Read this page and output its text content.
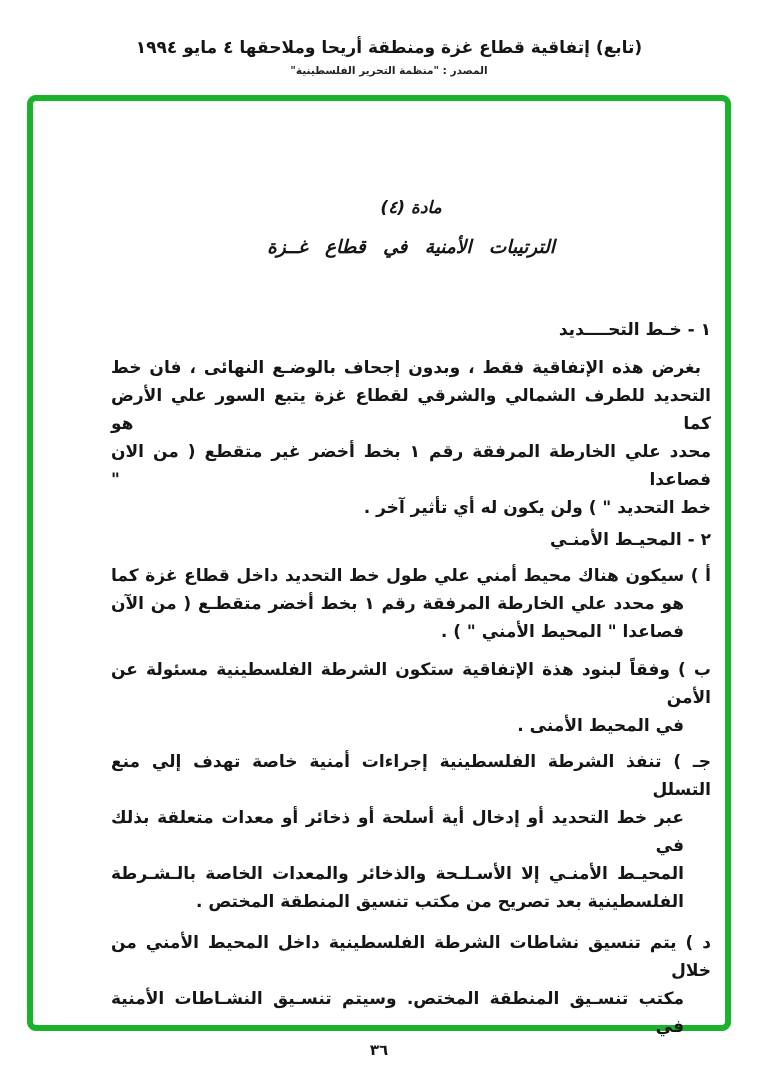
(تابع) إتفاقية قطاع غزة ومنطقة أريحا وملاحقها ٤ مايو ١٩٩٤
المصدر : "منظمة التحرير الفلسطينية"
مادة (٤)
الترتيبات الأمنية في قطاع غــزة
١ - خـط التحــــديد
بغرض هذه الإتفاقية فقط ، وبدون إجحاف بالوضـع النهائى ، فان خط
التحديد للطرف الشمالي والشرقي لقطاع غزة يتبع السور علي الأرض كما هو
محدد علي الخارطة المرفقة رقم ١ بخط أخضر غير متقطع ( من الان فصاعدا "
خط التحديد " ) ولن يكون له أي تأثير آخر .
٢ - المحيـط الأمنـي
أ ) سيكون هناك محيط أمني علي طول خط التحديد داخل قطاع غزة كما
هو محدد علي الخارطة المرفقة رقم ١ بخط أخضر متقطـع ( من الآن
فصاعدا " المحيط الأمني " ) .
ب ) وفقاً لبنود هذة الإتفاقية ستكون الشرطة الفلسطينية مسئولة عن الأمن
في المحيط الأمنى .
جـ ) تنفذ الشرطة الفلسطينية إجراءات أمنية خاصة تهدف إلي منع التسلل
عبر خط التحديد أو إدخال أية أسلحة أو ذخائر أو معدات متعلقة بذلك في
المحيـط الأمنـي إلا الأسـلـحة والذخائر والمعدات الخاصة بالـشـرطة
الفلسطينية بعد تصريح من مكتب تنسيق المنطقة المختص .
د ) يتم تنسيق نشاطات الشرطة الفلسطينية داخل المحيط الأمني من خلال
مكتب تنسـيق المنطقة المختص. وسيتم تنسـيق النشـاطات الأمنية في
٣٦
